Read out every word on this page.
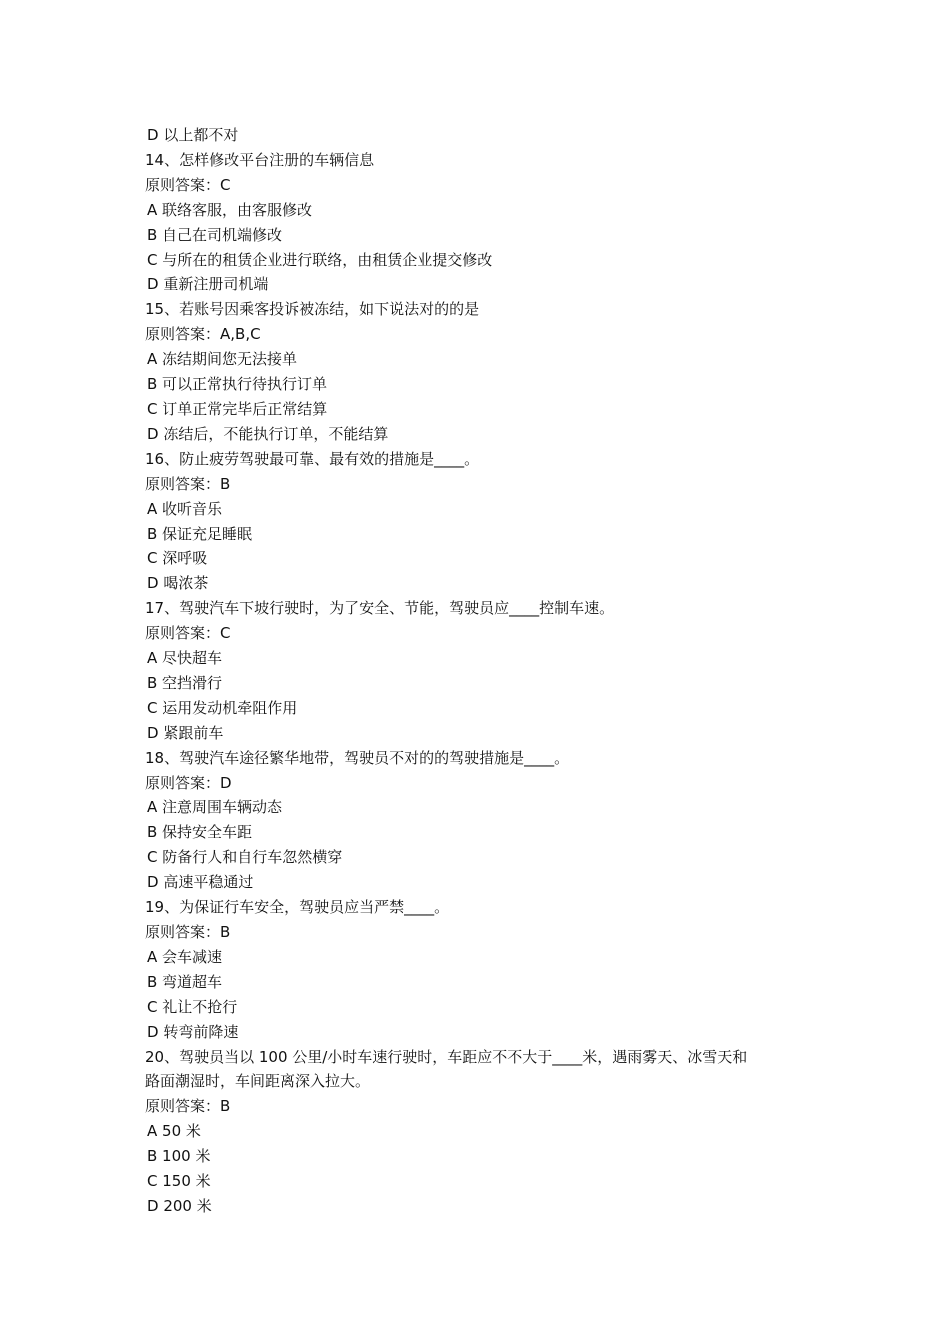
D 以上都不对
14、怎样修改平台注册的车辆信息
原则答案：C
A 联络客服，由客服修改
B 自己在司机端修改
C 与所在的租赁企业进行联络，由租赁企业提交修改
D 重新注册司机端
15、若账号因乘客投诉被冻结，如下说法对的的是
原则答案：A,B,C
A 冻结期间您无法接单
B 可以正常执行待执行订单
C 订单正常完毕后正常结算
D 冻结后，不能执行订单，不能结算
16、防止疲劳驾驶最可靠、最有效的措施是____。
原则答案：B
A 收听音乐
B 保证充足睡眠
C 深呼吸
D 喝浓茶
17、驾驶汽车下坡行驶时，为了安全、节能，驾驶员应____控制车速。
原则答案：C
A 尽快超车
B 空挡滑行
C 运用发动机牵阻作用
D 紧跟前车
18、驾驶汽车途径繁华地带，驾驶员不对的的驾驶措施是____。
原则答案：D
A 注意周围车辆动态
B 保持安全车距
C 防备行人和自行车忽然横穿
D 高速平稳通过
19、为保证行车安全，驾驶员应当严禁____。
原则答案：B
A 会车减速
B 弯道超车
C 礼让不抢行
D 转弯前降速
20、驾驶员当以 100 公里/小时车速行驶时，车距应不不大于____米，遇雨雾天、冰雪天和
路面潮湿时，车间距离深入拉大。
原则答案：B
A 50 米
B 100 米
C 150 米
D 200 米
